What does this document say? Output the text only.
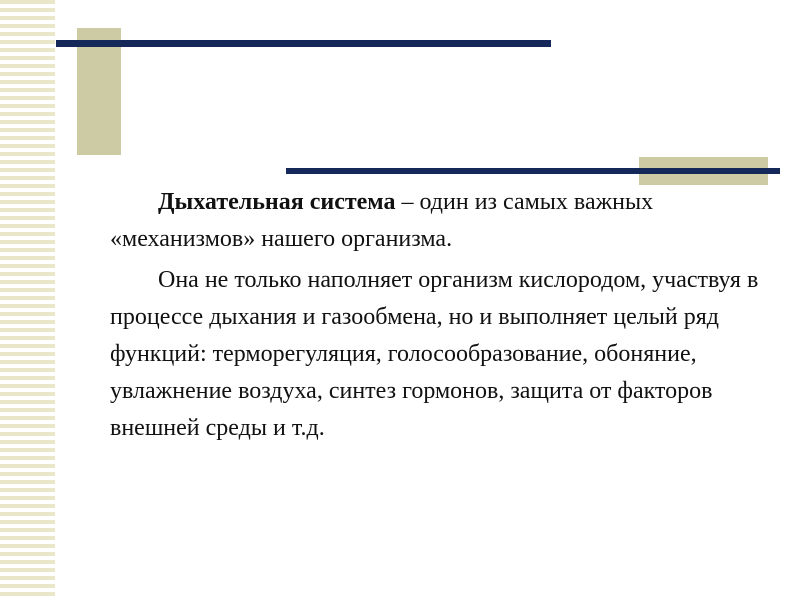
Дыхательная система – один из самых важных «механизмов» нашего организма.

Она не только наполняет организм кислородом, участвуя в процессе дыхания и газообмена, но и выполняет целый ряд функций: терморегуляция, голосообразование, обоняние, увлажнение воздуха, синтез гормонов, защита от факторов внешней среды и т.д.
